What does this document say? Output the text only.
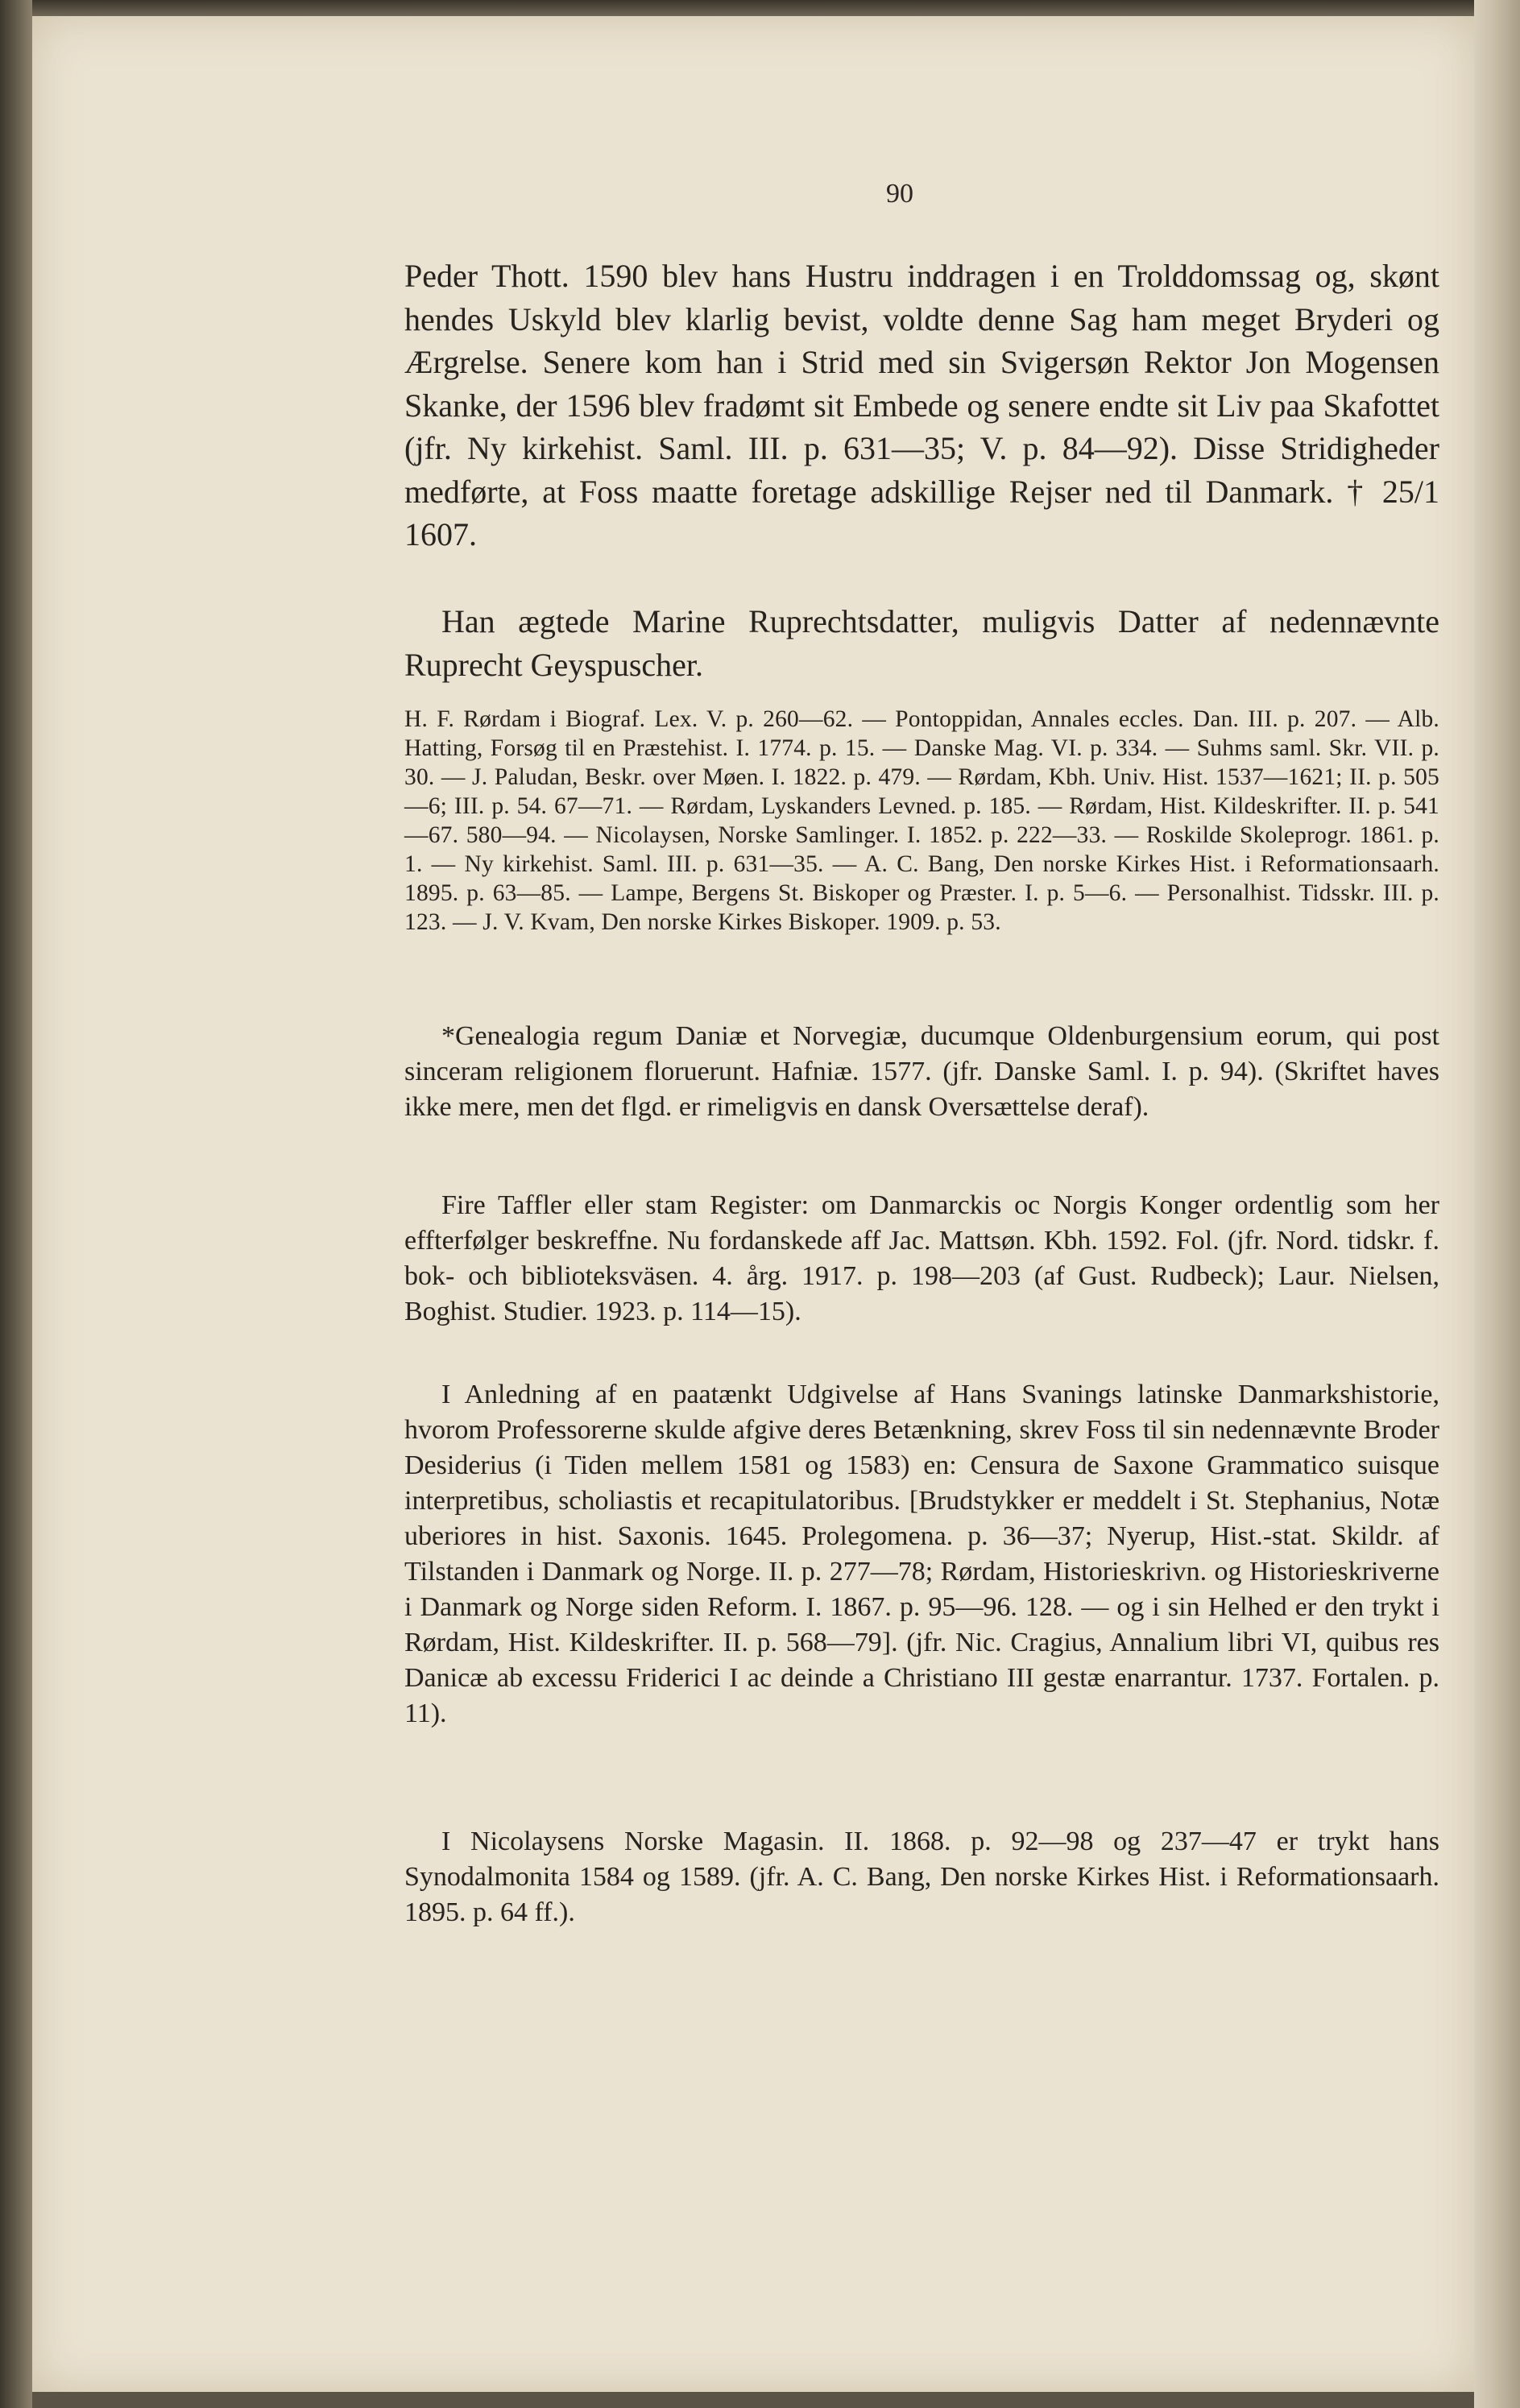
90

Peder Thott. 1590 blev hans Hustru inddragen i en Trolddomssag og, skønt hendes Uskyld blev klarlig bevist, voldte denne Sag ham meget Bryderi og Ærgrelse. Senere kom han i Strid med sin Svigersøn Rektor Jon Mogensen Skanke, der 1596 blev fradømt sit Embede og senere endte sit Liv paa Skafottet (jfr. Ny kirkehist. Saml. III. p. 631—35; V. p. 84—92). Disse Stridigheder medførte, at Foss maatte foretage adskillige Rejser ned til Danmark. † 25/1 1607.

Han ægtede Marine Ruprechtsdatter, muligvis Datter af nedennævnte Ruprecht Geyspuscher.

H. F. Rørdam i Biograf. Lex. V. p. 260—62. — Pontoppidan, Annales eccles. Dan. III. p. 207. — Alb. Hatting, Forsøg til en Præstehist. I. 1774. p. 15. — Danske Mag. VI. p. 334. — Suhms saml. Skr. VII. p. 30. — J. Paludan, Beskr. over Møen. I. 1822. p. 479. — Rørdam, Kbh. Univ. Hist. 1537—1621; II. p. 505—6; III. p. 54. 67—71. — Rørdam, Lyskanders Levned. p. 185. — Rørdam, Hist. Kildeskrifter. II. p. 541—67. 580—94. — Nicolaysen, Norske Samlinger. I. 1852. p. 222—33. — Roskilde Skoleprogr. 1861. p. 1. — Ny kirkehist. Saml. III. p. 631—35. — A. C. Bang, Den norske Kirkes Hist. i Reformationsaarh. 1895. p. 63—85. — Lampe, Bergens St. Biskoper og Præster. I. p. 5—6. — Personalhist. Tidsskr. III. p. 123. — J. V. Kvam, Den norske Kirkes Biskoper. 1909. p. 53.

*Genealogia regum Daniæ et Norvegiæ, ducumque Oldenburgensium eorum, qui post sinceram religionem floruerunt. Hafniæ. 1577. (jfr. Danske Saml. I. p. 94). (Skriftet haves ikke mere, men det flgd. er rimeligvis en dansk Oversættelse deraf).

Fire Taffler eller stam Register: om Danmarckis oc Norgis Konger ordentlig som her effterfølger beskreffne. Nu fordanskede aff Jac. Mattsøn. Kbh. 1592. Fol. (jfr. Nord. tidskr. f. bok- och biblioteksväsen. 4. årg. 1917. p. 198—203 (af Gust. Rudbeck); Laur. Nielsen, Boghist. Studier. 1923. p. 114—15).

I Anledning af en paatænkt Udgivelse af Hans Svanings latinske Danmarkshistorie, hvorom Professorerne skulde afgive deres Betænkning, skrev Foss til sin nedennævnte Broder Desiderius (i Tiden mellem 1581 og 1583) en: Censura de Saxone Grammatico suisque interpretibus, scholiastis et recapitulatoribus. [Brudstykker er meddelt i St. Stephanius, Notæ uberiores in hist. Saxonis. 1645. Prolegomena. p. 36—37; Nyerup, Hist.-stat. Skildr. af Tilstanden i Danmark og Norge. II. p. 277—78; Rørdam, Historieskrivn. og Historieskriverne i Danmark og Norge siden Reform. I. 1867. p. 95—96. 128. — og i sin Helhed er den trykt i Rørdam, Hist. Kildeskrifter. II. p. 568—79]. (jfr. Nic. Cragius, Annalium libri VI, quibus res Danicæ ab excessu Friderici I ac deinde a Christiano III gestæ enarrantur. 1737. Fortalen. p. 11).

I Nicolaysens Norske Magasin. II. 1868. p. 92—98 og 237—47 er trykt hans Synodalmonita 1584 og 1589. (jfr. A. C. Bang, Den norske Kirkes Hist. i Reformationsaarh. 1895. p. 64 ff.).
